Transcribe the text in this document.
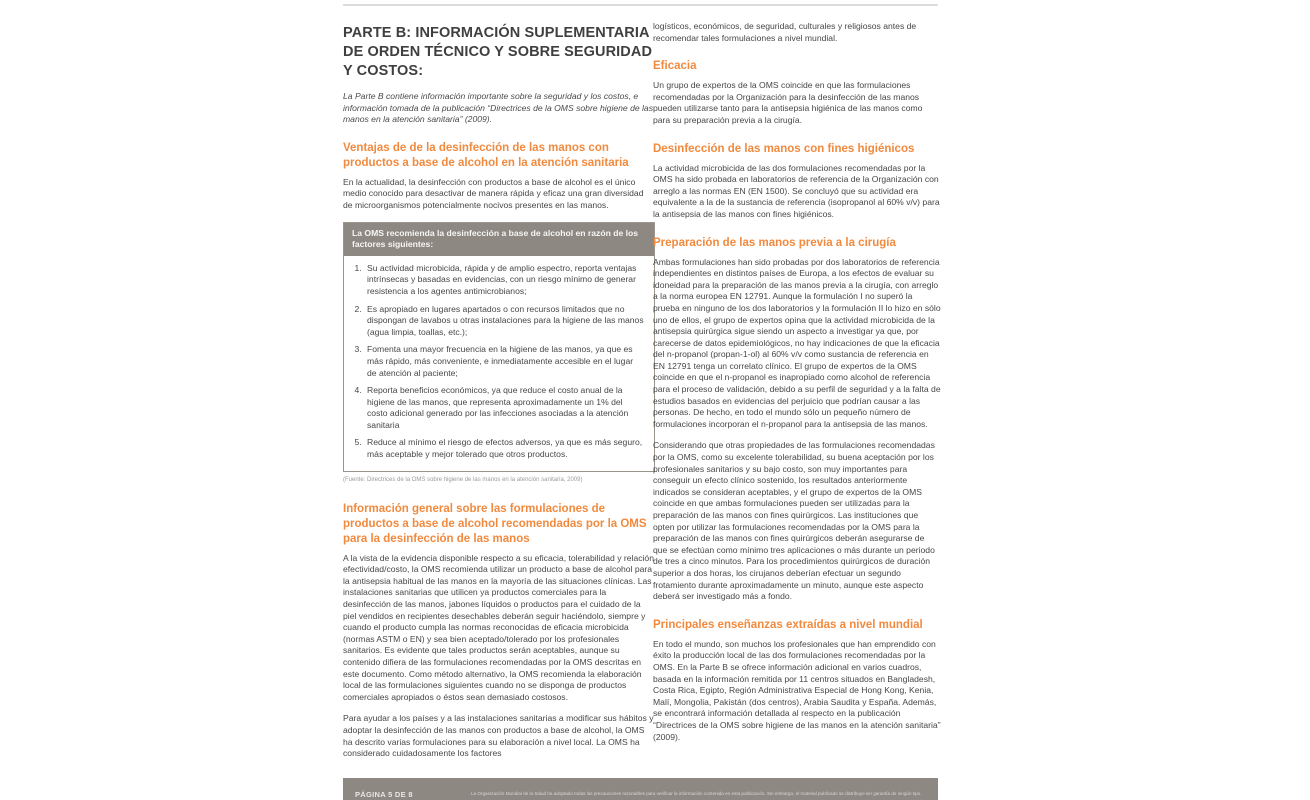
PARTE B: INFORMACIÓN SUPLEMENTARIA DE ORDEN TÉCNICO Y SOBRE SEGURIDAD Y COSTOS:

La Parte B contiene información importante sobre la seguridad y los costos, e información tomada de la publicación “Directrices de la OMS sobre higiene de las manos en la atención sanitaria” (2009).

Ventajas de de la desinfección de las manos con productos a base de alcohol en la atención sanitaria

En la actualidad, la desinfección con productos a base de alcohol es el único medio conocido para desactivar de manera rápida y eficaz una gran diversidad de microorganismos potencialmente nocivos presentes en las manos.

La OMS recomienda la desinfección a base de alcohol en razón de los factores siguientes:
1. Su actividad microbicida, rápida y de amplio espectro, reporta ventajas intrínsecas y basadas en evidencias, con un riesgo mínimo de generar resistencia a los agentes antimicrobianos;
2. Es apropiado en lugares apartados o con recursos limitados que no dispongan de lavabos u otras instalaciones para la higiene de las manos (agua limpia, toallas, etc.);
3. Fomenta una mayor frecuencia en la higiene de las manos, ya que es más rápido, más conveniente, e inmediatamente accesible en el lugar de atención al paciente;
4. Reporta beneficios económicos, ya que reduce el costo anual de la higiene de las manos, que representa aproximadamente un 1% del costo adicional generado por las infecciones asociadas a la atención sanitaria
5. Reduce al mínimo el riesgo de efectos adversos, ya que es más seguro, más aceptable y mejor tolerado que otros productos.

(Fuente: Directrices de la OMS sobre higiene de las manos en la atención sanitaria, 2009)

Información general sobre las formulaciones de productos a base de alcohol recomendadas por la OMS para la desinfección de las manos

A la vista de la evidencia disponible respecto a su eficacia, tolerabilidad y relación efectividad/costo, la OMS recomienda utilizar un producto a base de alcohol para la antisepsia habitual de las manos en la mayoría de las situaciones clínicas. Las instalaciones sanitarias que utilicen ya productos comerciales para la desinfección de las manos, jabones líquidos o productos para el cuidado de la piel vendidos en recipientes desechables deberán seguir haciéndolo, siempre y cuando el producto cumpla las normas reconocidas de eficacia microbicida (normas ASTM o EN) y sea bien aceptado/tolerado por los profesionales sanitarios. Es evidente que tales productos serán aceptables, aunque su contenido difiera de las formulaciones recomendadas por la OMS descritas en este documento. Como método alternativo, la OMS recomienda la elaboración local de las formulaciones siguientes cuando no se disponga de productos comerciales apropiados o éstos sean demasiado costosos.

Para ayudar a los países y a las instalaciones sanitarias a modificar sus hábitos y adoptar la desinfección de las manos con productos a base de alcohol, la OMS ha descrito varias formulaciones para su elaboración a nivel local. La OMS ha considerado cuidadosamente los factores

logísticos, económicos, de seguridad, culturales y religiosos antes de recomendar tales formulaciones a nivel mundial.

Eficacia

Un grupo de expertos de la OMS coincide en que las formulaciones recomendadas por la Organización para la desinfección de las manos pueden utilizarse tanto para la antisepsia higiénica de las manos como para su preparación previa a la cirugía.

Desinfección de las manos con fines higiénicos

La actividad microbicida de las dos formulaciones recomendadas por la OMS ha sido probada en laboratorios de referencia de la Organización con arreglo a las normas EN (EN 1500). Se concluyó que su actividad era equivalente a la de la sustancia de referencia (isopropanol al 60% v/v) para la antisepsia de las manos con fines higiénicos.

Preparación de las manos previa a la cirugía

Ambas formulaciones han sido probadas por dos laboratorios de referencia independientes en distintos países de Europa, a los efectos de evaluar su idoneidad para la preparación de las manos previa a la cirugía, con arreglo a la norma europea EN 12791. Aunque la formulación I no superó la prueba en ninguno de los dos laboratorios y la formulación II lo hizo en sólo uno de ellos, el grupo de expertos opina que la actividad microbicida de la antisepsia quirúrgica sigue siendo un aspecto a investigar ya que, por carecerse de datos epidemiológicos, no hay indicaciones de que la eficacia del n-propanol (propan-1-ol) al 60% v/v como sustancia de referencia en EN 12791 tenga un correlato clínico. El grupo de expertos de la OMS coincide en que el n-propanol es inapropiado como alcohol de referencia para el proceso de validación, debido a su perfil de seguridad y a la falta de estudios basados en evidencias del perjuicio que podrían causar a las personas. De hecho, en todo el mundo sólo un pequeño número de formulaciones incorporan el n-propanol para la antisepsia de las manos.

Considerando que otras propiedades de las formulaciones recomendadas por la OMS, como su excelente tolerabilidad, su buena aceptación por los profesionales sanitarios y su bajo costo, son muy importantes para conseguir un efecto clínico sostenido, los resultados anteriormente indicados se consideran aceptables, y el grupo de expertos de la OMS coincide en que ambas formulaciones pueden ser utilizadas para la preparación de las manos con fines quirúrgicos. Las instituciones que opten por utilizar las formulaciones recomendadas por la OMS para la preparación de las manos con fines quirúrgicos deberán asegurarse de que se efectúan como mínimo tres aplicaciones o más durante un periodo de tres a cinco minutos. Para los procedimientos quirúrgicos de duración superior a dos horas, los cirujanos deberían efectuar un segundo frotamiento durante aproximadamente un minuto, aunque este aspecto deberá ser investigado más a fondo.

Principales enseñanzas extraídas a nivel mundial

En todo el mundo, son muchos los profesionales que han emprendido con éxito la producción local de las dos formulaciones recomendadas por la OMS. En la Parte B se ofrece información adicional en varios cuadros, basada en la información remitida por 11 centros situados en Bangladesh, Costa Rica, Egipto, Región Administrativa Especial de Hong Kong, Kenia, Malí, Mongolia, Pakistán (dos centros), Arabia Saudita y España. Además, se encontrará información detallada al respecto en la publicación “Directrices de la OMS sobre higiene de las manos en la atención sanitaria” (2009).

PÁGINA 5 DE 8	La Organización Mundial de la Salud ha adoptado todas las precauciones razonables para verificar la información contenida en esta publicación. Sin embargo, el material publicado se distribuye sin garantía de ningún tipo.
